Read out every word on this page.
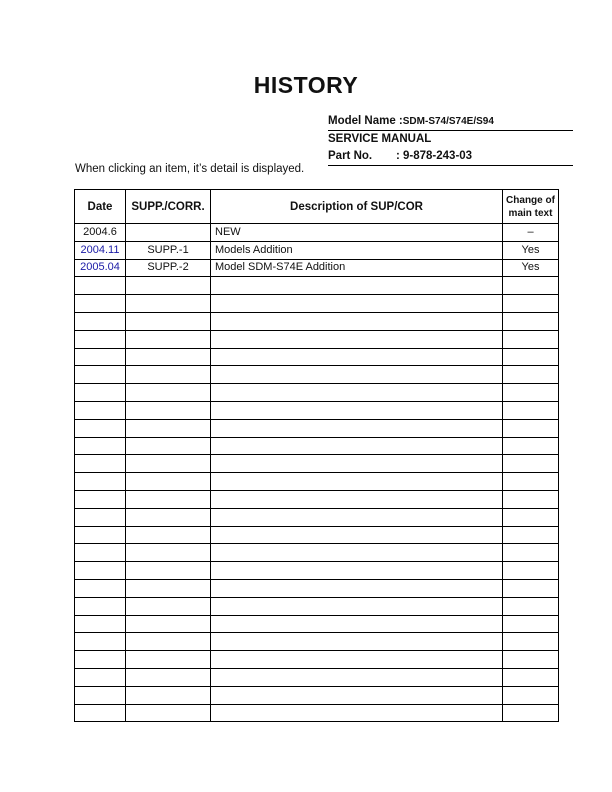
HISTORY
Model Name :SDM-S74/S74E/S94
SERVICE MANUAL
Part No. : 9-878-243-03
When clicking an item, it’s detail is displayed.
Date	SUPP./CORR.	Description of SUP/COR	Change of
main text
2004.6		NEW	–
2004.11	SUPP.-1	Models Addition	Yes
2005.04	SUPP.-2	Model SDM-S74E Addition	Yes
